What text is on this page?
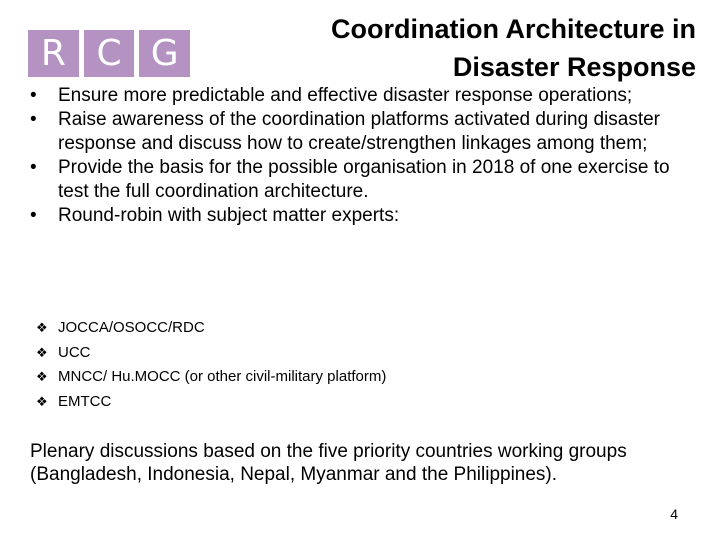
R C G
Coordination Architecture in
Disaster Response
•	Ensure more predictable and effective disaster response operations;
•	Raise awareness of the coordination platforms activated during disaster response and discuss how to create/strengthen linkages among them;
•	Provide the basis for the possible organisation in 2018 of one exercise to test the full coordination architecture.
•	Round-robin with subject matter experts:
❖ JOCCA/OSOCC/RDC
❖ UCC
❖ MNCC/ Hu.MOCC (or other civil-military platform)
❖ EMTCC

Plenary discussions based on the five priority countries working groups (Bangladesh, Indonesia, Nepal, Myanmar and the Philippines).

4
